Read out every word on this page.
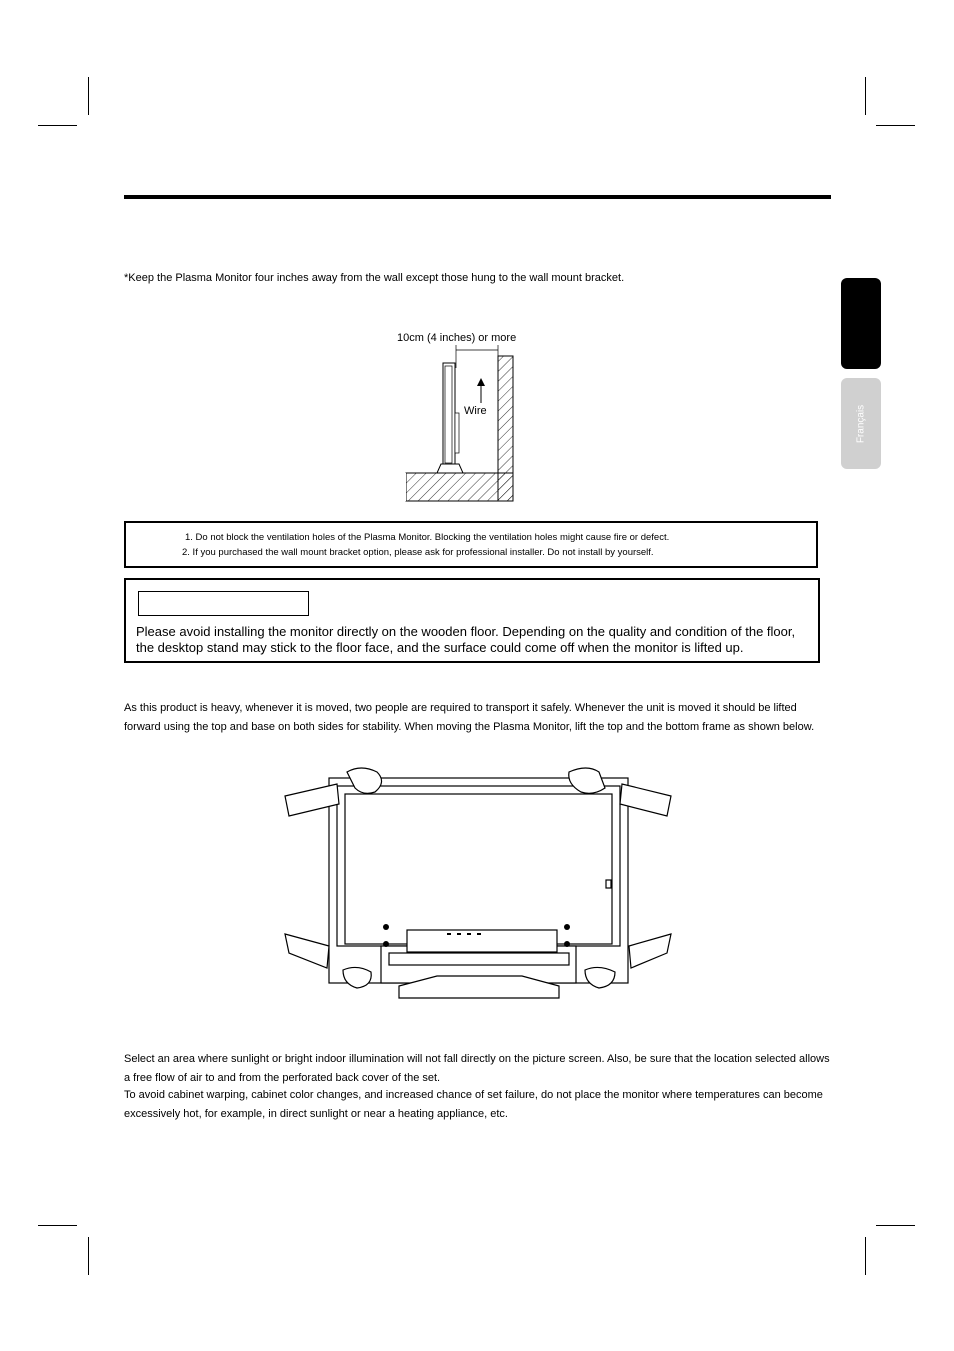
Français
*Keep the Plasma Monitor four inches away from the wall except those hung to the wall mount bracket.
10cm (4 inches) or more
Wire
1. Do not block the ventilation holes of the Plasma Monitor. Blocking the ventilation holes might cause fire or defect.
2. If you purchased the wall mount bracket option, please ask for professional installer. Do not install by yourself.
Please avoid installing the monitor directly on the wooden floor. Depending on the quality and condition of the floor, the desktop stand may stick to the floor face, and the surface could come off when the monitor is lifted up.
As this product is heavy, whenever it is moved, two people are required to transport it safely. Whenever the unit is moved it should be lifted forward using the top and base on both sides for stability. When moving the Plasma Monitor, lift the top and the bottom frame as shown below.
Select an area where sunlight or bright indoor illumination will not fall directly on the picture screen. Also, be sure that the location selected allows a free flow of air to and from the perforated back cover of the set.
To avoid cabinet warping, cabinet color changes, and increased chance of set failure, do not place the monitor where temperatures can become excessively hot, for example, in direct sunlight or near a heating appliance, etc.
